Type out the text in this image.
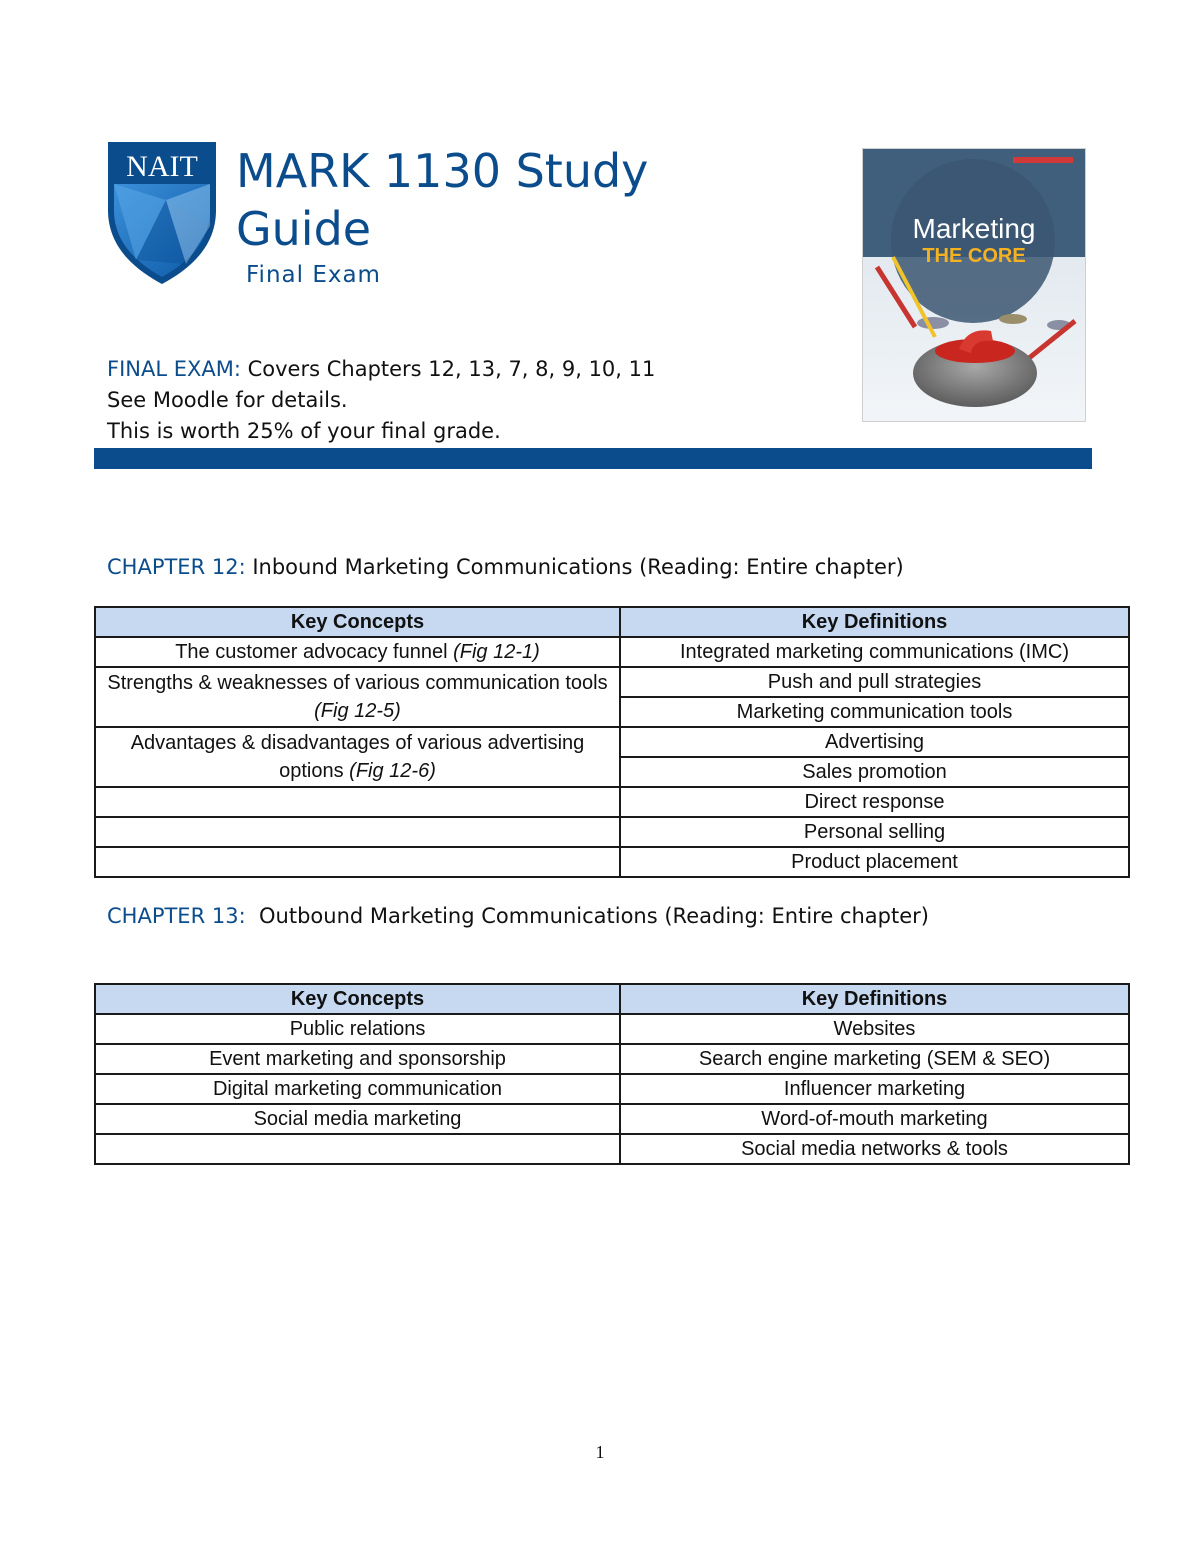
NAIT MARK 1130 Study Guide
Final Exam
Marketing
THE CORE
FINAL EXAM: Covers Chapters 12, 13, 7, 8, 9, 10, 11
See Moodle for details.
This is worth 25% of your final grade.
CHAPTER 12: Inbound Marketing Communications (Reading: Entire chapter)
Key Concepts	Key Definitions
The customer advocacy funnel (Fig 12-1)	Integrated marketing communications (IMC)
Strengths & weaknesses of various communication tools (Fig 12-5)	Push and pull strategies
	Marketing communication tools
Advantages & disadvantages of various advertising options (Fig 12-6)	Advertising
	Sales promotion
	Direct response
	Personal selling
	Product placement
CHAPTER 13:  Outbound Marketing Communications (Reading: Entire chapter)
Key Concepts	Key Definitions
Public relations	Websites
Event marketing and sponsorship	Search engine marketing (SEM & SEO)
Digital marketing communication	Influencer marketing
Social media marketing	Word-of-mouth marketing
	Social media networks & tools
1
